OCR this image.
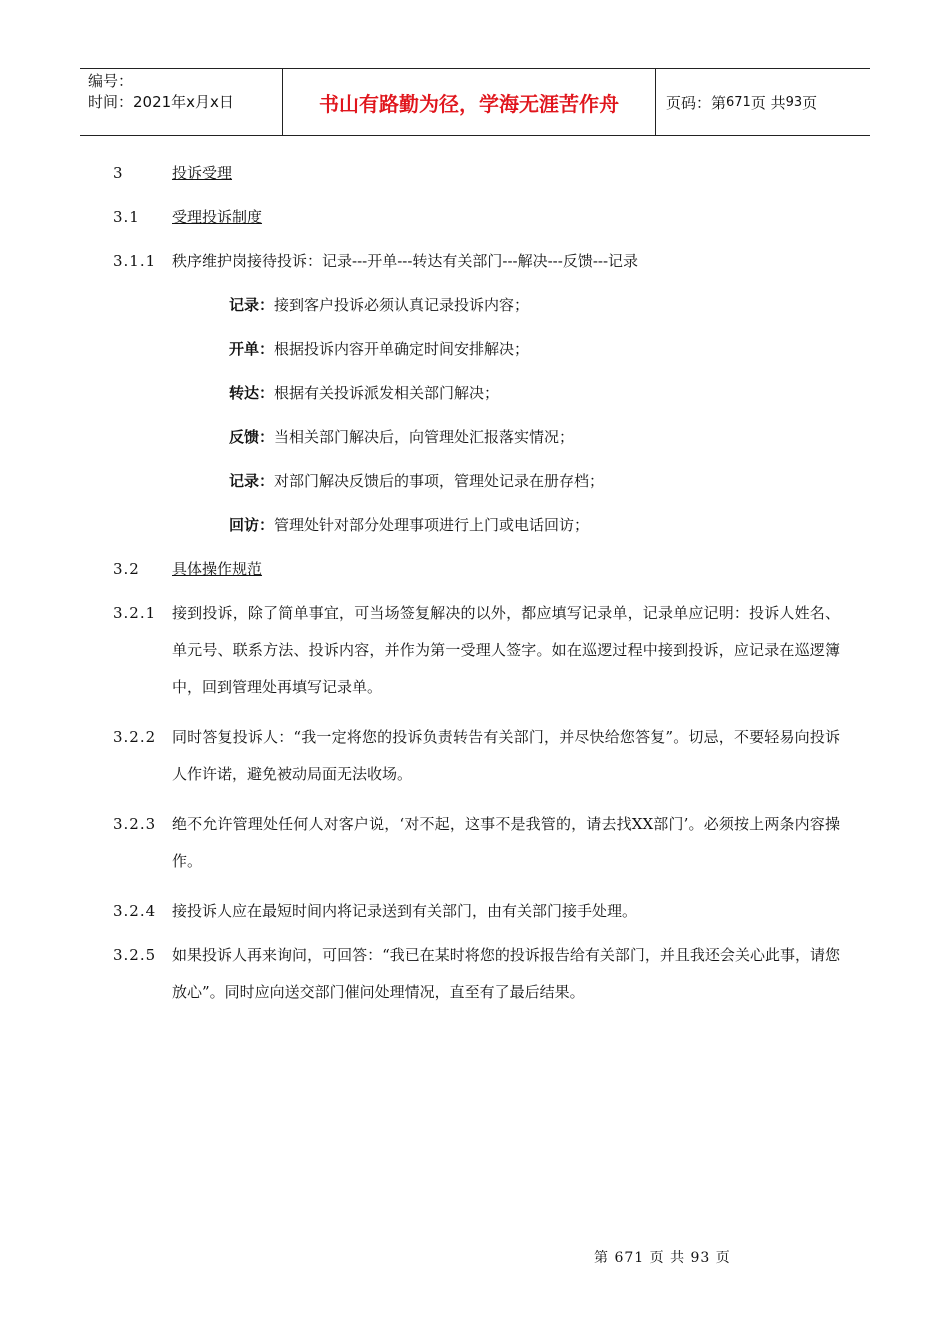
编号：
时间：2021年x月x日	书山有路勤为径，学海无涯苦作舟	页码：第 671 页 共 93 页
3	投诉受理
3.1	受理投诉制度
3.1.1	秩序维护岗接待投诉：记录---开单---转达有关部门---解决---反馈---记录
记录： 接到客户投诉必须认真记录投诉内容；
开单： 根据投诉内容开单确定时间安排解决；
转达： 根据有关投诉派发相关部门解决；
反馈： 当相关部门解决后，向管理处汇报落实情况；
记录： 对部门解决反馈后的事项，管理处记录在册存档；
回访： 管理处针对部分处理事项进行上门或电话回访；
3.2	具体操作规范
3.2.1	接到投诉，除了简单事宜，可当场签复解决的以外，都应填写记录单，记录单应记明：投诉人姓名、单元号、联系方法、投诉内容，并作为第一受理人签字。如在巡逻过程中接到投诉，应记录在巡逻簿中，回到管理处再填写记录单。
3.2.2	同时答复投诉人：“我一定将您的投诉负责转告有关部门，并尽快给您答复”。切忌，不要轻易向投诉人作许诺，避免被动局面无法收场。
3.2.3	绝不允许管理处任何人对客户说，‘对不起，这事不是我管的，请去找XX部门’。必须按上两条内容操作。
3.2.4	接投诉人应在最短时间内将记录送到有关部门，由有关部门接手处理。
3.2.5	如果投诉人再来询问，可回答：“我已在某时将您的投诉报告给有关部门，并且我还会关心此事，请您放心”。同时应向送交部门催问处理情况，直至有了最后结果。
第 671 页 共 93 页
